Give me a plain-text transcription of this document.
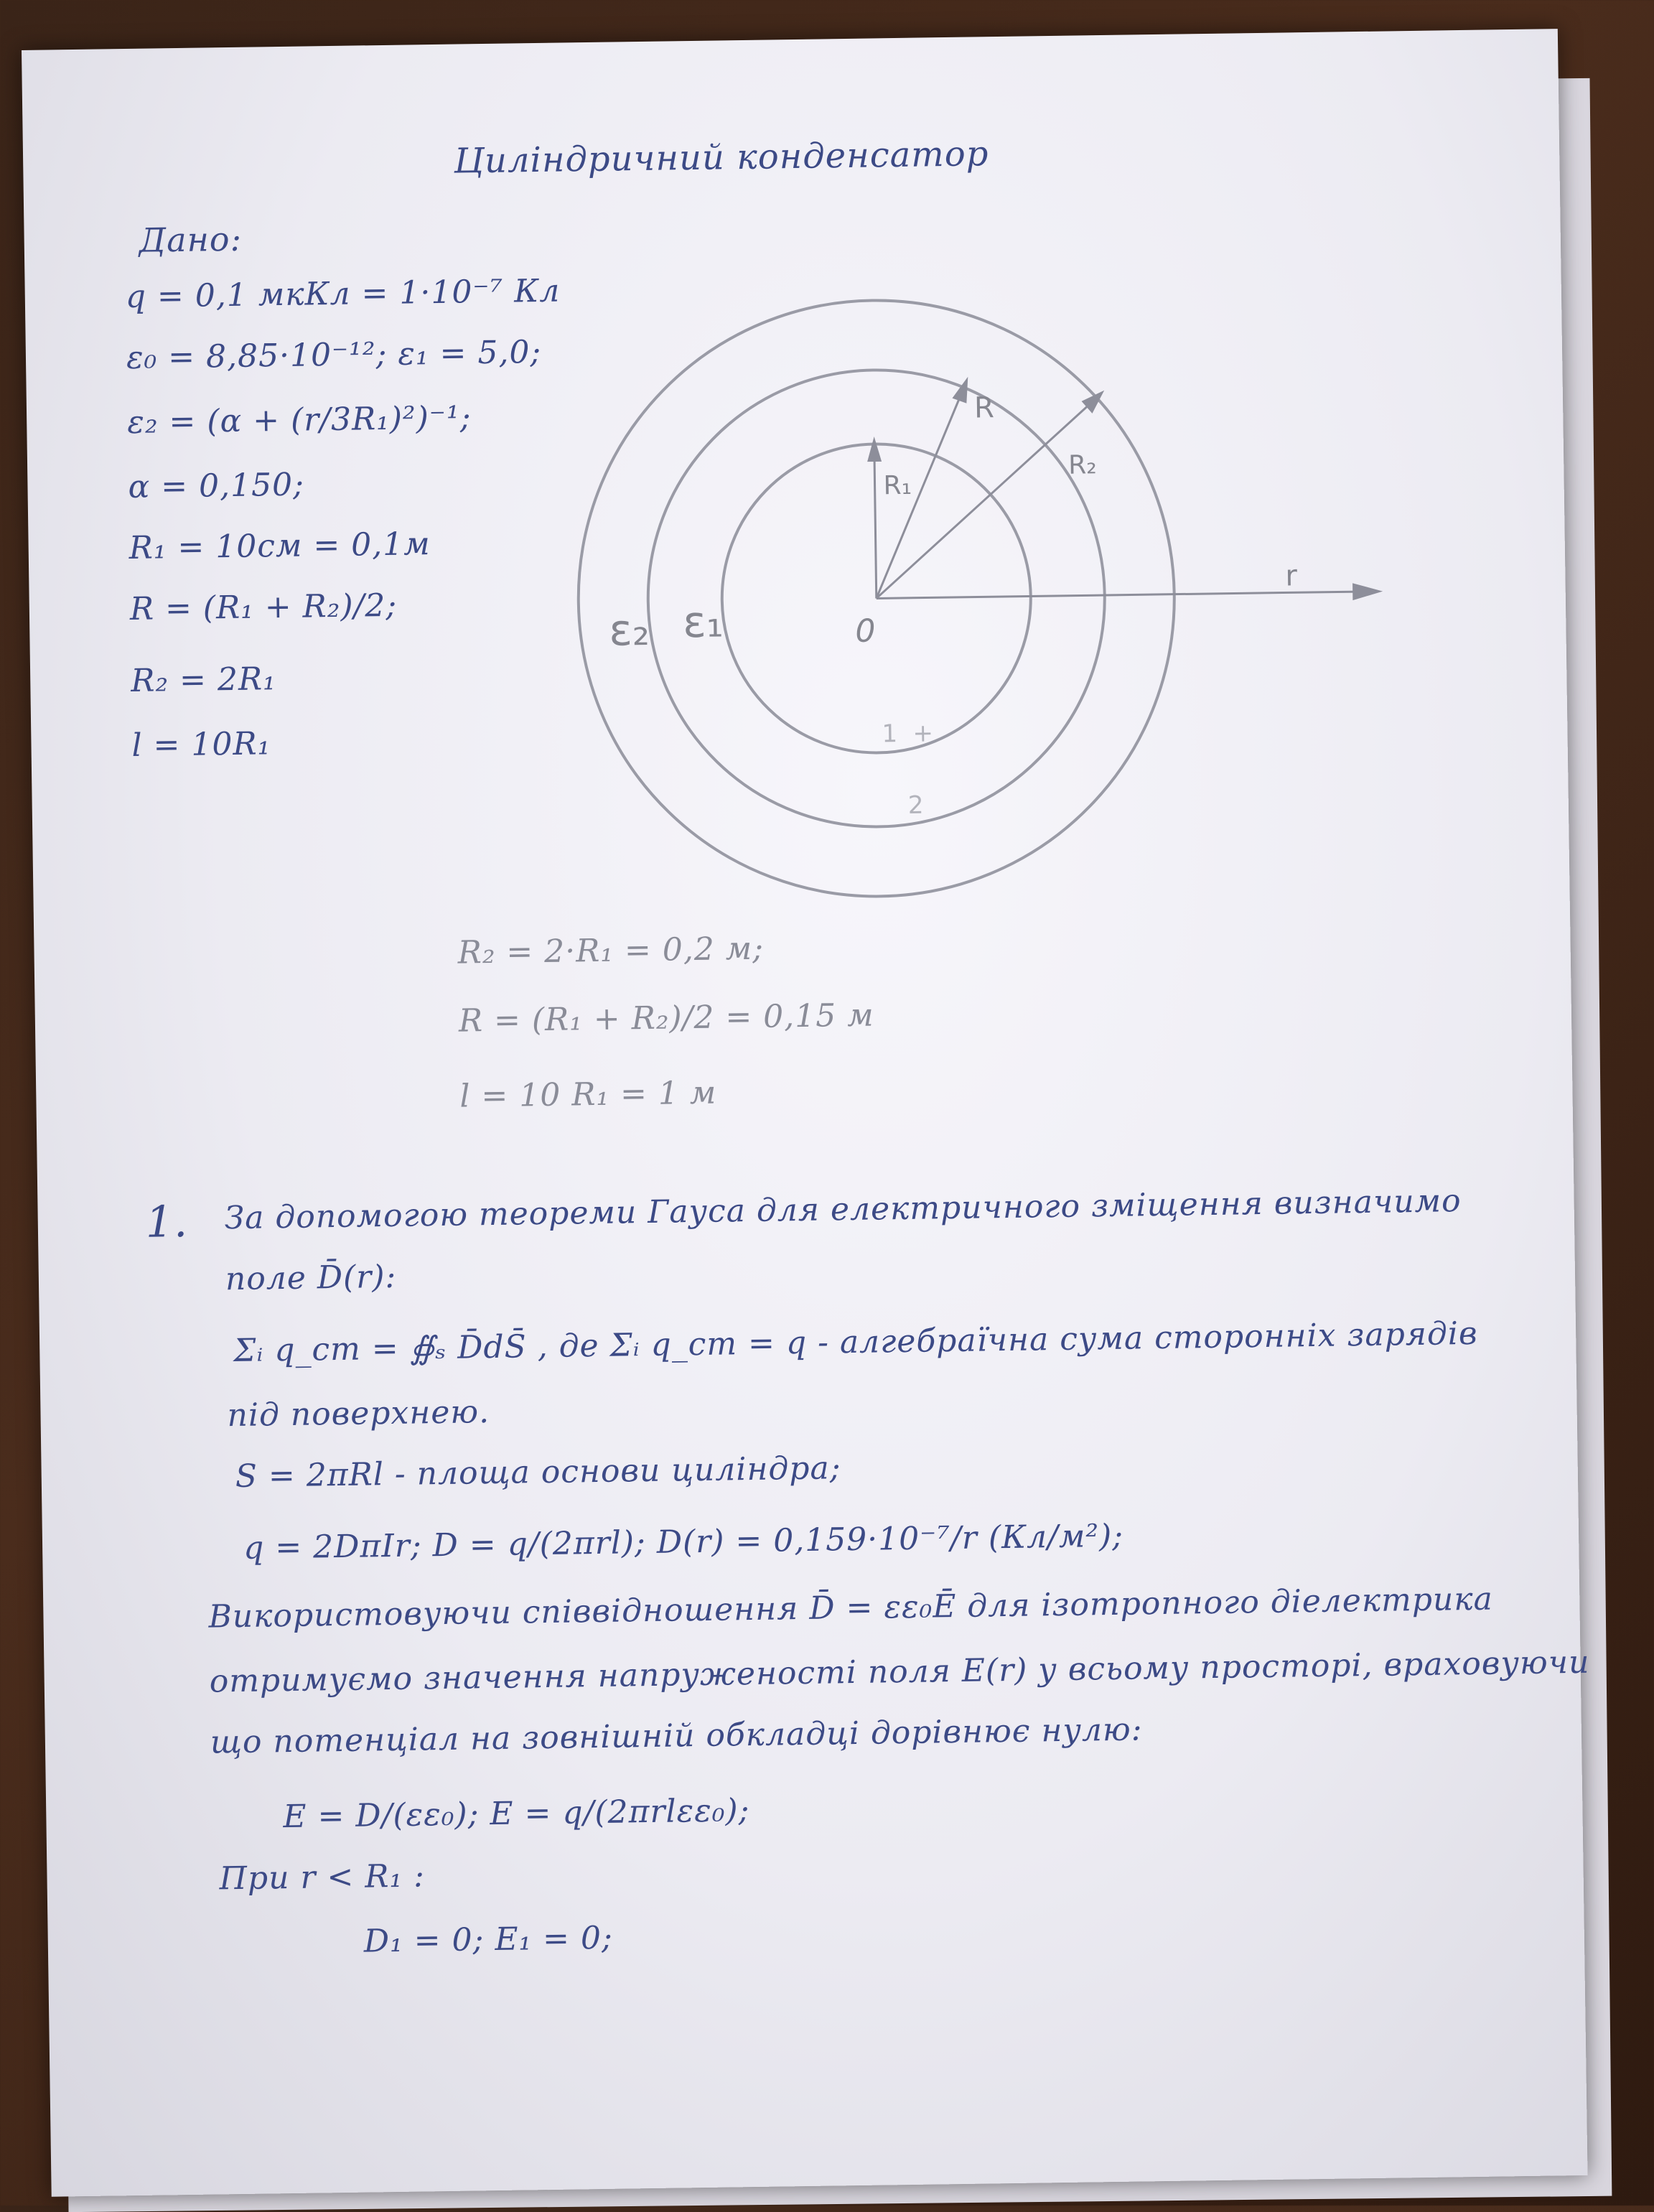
Циліндричний конденсатор
Дано:
q = 0,1 мкКл = 1·10⁻⁷ Кл
ε₀ = 8,85·10⁻¹²; ε₁ = 5,0;
ε₂ = (α + (r/3R₁)²)⁻¹;
α = 0,150;
R₁ = 10см = 0,1м
R = (R₁ + R₂)/2;
R₂ = 2R₁
l = 10R₁
R
R₁
R₂
r
0
ε₁
ε₂
1 +
2
R₂ = 2·R₁ = 0,2 м;
R = (R₁ + R₂)/2 = 0,15 м
l = 10 R₁ = 1 м
1. За допомогою теореми Гауса для електричного зміщення визначимо
поле D̄(r):
Σᵢ q_ст = ∯ₛ D̄dS̄ , де Σᵢ q_ст = q - алгебраїчна сума сторонніх зарядів
під поверхнею.
S = 2πRl - площа основи циліндра;
q = 2DπIr; D = q/(2πrl); D(r) = 0,159·10⁻⁷/r (Кл/м²);
Використовуючи співвідношення D̄ = εε₀Ē для ізотропного діелектрика
отримуємо значення напруженості поля E(r) у всьому просторі, враховуючи
що потенціал на зовнішній обкладці дорівнює нулю:
E = D/(εε₀); E = q/(2πrlεε₀);
При r < R₁ :
D₁ = 0; E₁ = 0;
